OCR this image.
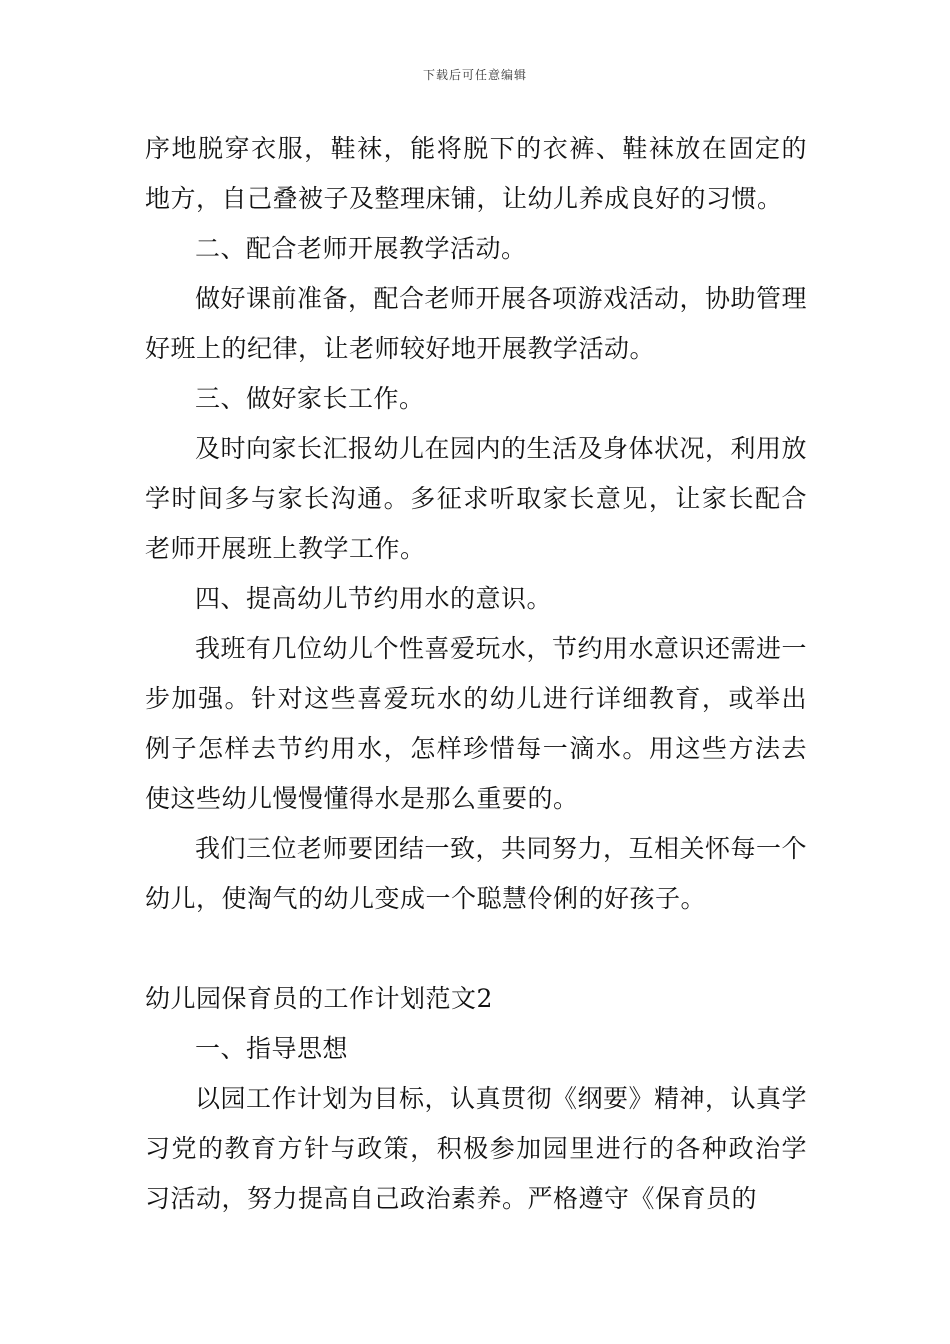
下载后可任意编辑

序地脱穿衣服，鞋袜，能将脱下的衣裤、鞋袜放在固定的地方，自己叠被子及整理床铺，让幼儿养成良好的习惯。

二、配合老师开展教学活动。

做好课前准备，配合老师开展各项游戏活动，协助管理好班上的纪律，让老师较好地开展教学活动。

三、做好家长工作。

及时向家长汇报幼儿在园内的生活及身体状况，利用放学时间多与家长沟通。多征求听取家长意见，让家长配合老师开展班上教学工作。

四、提高幼儿节约用水的意识。

我班有几位幼儿个性喜爱玩水，节约用水意识还需进一步加强。针对这些喜爱玩水的幼儿进行详细教育，或举出例子怎样去节约用水，怎样珍惜每一滴水。用这些方法去使这些幼儿慢慢懂得水是那么重要的。

我们三位老师要团结一致，共同努力，互相关怀每一个幼儿，使淘气的幼儿变成一个聪慧伶俐的好孩子。

幼儿园保育员的工作计划范文2

一、指导思想

以园工作计划为目标，认真贯彻《纲要》精神，认真学习党的教育方针与政策，积极参加园里进行的各种政治学习活动，努力提高自己政治素养。严格遵守《保育员的
